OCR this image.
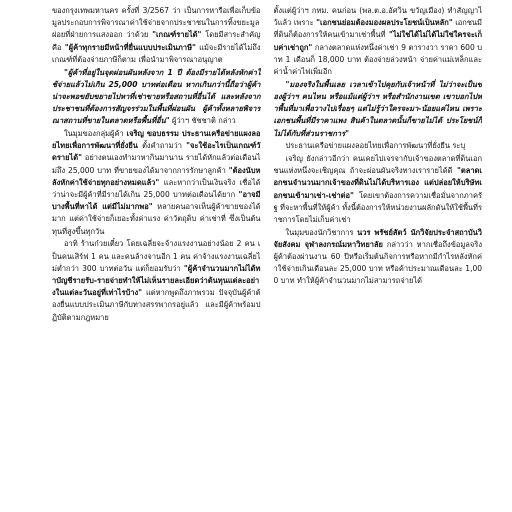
ของกรุงเทพมหานคร ครั้งที่ 3/2567 ว่า เป็นการหารือเพื่อเก็บข้อมูลประกอบการพิจารณาค่าใช้จ่ายจากประชาชนในการทิ้งขยะมูลฝอยที่ฝ่ายการแสงออก ว่าด้วย "เกณฑ์รายได้" โดยมีสาระสำคัญคือ "ผู้ค้าทุกรายมีหน้าที่ยื่นแบบประเมินภาษี" แม้จะมีรายได้ไม่ถึงเกณฑ์ที่ต้องจ่ายภาษีก็ตาม เพื่อนำมาพิจารณาอนุญาต

"ผู้ค้าที่อยู่ในจุดผ่อนผันหลังจาก 1 ปี ต้องมีรายได้หลังหักค่าใช้จ่ายแล้วไม่เกิน 25,000 บาทต่อเดือน หากเกินกว่านี้ถือว่าผู้ค้าน่าจะพอขยับขยายไปหาที่เช่าขายหรือสถานที่อื่นได้ และหลังจากประชาชนที่ต้องการสัญจรร่วมในพื้นที่ผ่อนผัน ผู้ค้าทั้งหลายพิจารณาสถานที่ขายในตลาดหรือพื้นที่อื่น" ผู้ว่าฯ ชัชชาติ กล่าว

ในมุมของกลุ่มผู้ค้า เจริญ ขอบธรรม ประธานเครือข่ายแผงลอยไทยเพื่อการพัฒนาที่ยั่งยืน ตั้งคำถามว่า "จะใช้อะไรเป็นเกณฑ์วัดรายได้" อย่างตนเองทำมาหากินมานาน รายได้หักแล้วต่อเดือนไม่ถึง 25,000 บาท ที่ขายของได้มาจากการรักษาลูกค้า "ต้องนับหลังหักค่าใช้จ่ายทุกอย่างหมดแล้ว" และหากว่าเป็นเงินจริง เชื่อได้ว่าน่าจะมีผู้ค้าที่มีรายได้เกิน 25,000 บาทต่อเดือนได้ยาก "อาจมีบางพื้นที่หาได้ แต่มีไม่มากพอ" หลายคนอาจเห็นผู้ค้าขายของได้มาก แต่ค่าใช้จ่ายก็เยอะทั้งค่าแรง ค่าวัตถุดิบ ค่าเช่าที่ ซึ่งเป็นต้นทุนที่สูงขึ้นทุกวัน

อาทิ ร้านก๋วยเตี๋ยว โดยเฉลี่ยจะจ้างแรงงานอย่างน้อย 2 คน เป็นคนเสิร์ฟ 1 คน และคนล้างจานอีก 1 คน ค่าจ้างแรงงานเฉลี่ยไม่ต่ำกว่า 300 บาทต่อวัน แต่ก็ยอมรับว่า "ผู้ค้าจำนวนมากไม่ได้ทำบัญชีรายรับ-รายจ่ายทำให้ไม่เห็นรายละเอียดว่าต้นทุนแต่ละอย่างในแต่ละวันอยู่ที่เท่าไรบ้าง" แต่หากพูดถึงภาพรวม ปัจจุบันผู้ค้าต้องยื่นแบบประเมินภาษีกับทางสรรพากรอยู่แล้ว และมีผู้ค้าพร้อมปฏิบัติตามกฎหมาย

ตั้งแต่ผู้ว่าฯ กทม. คนก่อน (พล.ต.อ.อัศวิน ขวัญเมือง) ทำสัญญาไว้แล้ว เพราะ "เอกชนย่อมต้องมองผลประโยชน์เป็นหลัก" เอกชนมีที่ดินก็ต้องการให้คนเข้ามาเช่าพื้นที่ "ไม่ใช่ได้ไม่ได้ไม่ใช่ใครจะเก็บค่าเช่าถูก" กลางตลาดแห่งหนึ่งค่าเช่า 9 ตารางวา ราคา 600 บาท 1 เดือนก็ 18,000 บาท ต้องจ่ายล่วงหน้า จ่ายค่าแม่เหล็กและค่าน้ำค่าไฟเพิ่มอีก

"มองจริงในพื้นเลย เวลาเข้าไปคุยกับเจ้าหน้าที่ ไม่ว่าจะเป็นของผู้ว่าฯ คนไหน หรือแม้แต่ผู้ว่าฯ หรือสำนักงานเขต เขาบอกไปหาพื้นที่มาเพื่อวางไปเรื่อยๆ แต่ไม่รู้ว่าใครจะมา-น้อยแค่ไหน เพราะเอกชนพื้นที่มีราคาแพง สินค้าในตลาดนั้นก็ขายไม่ได้ ประโยชน์ก็ไม่ได้กับที่ส่วนราชการ"

ประธานเครือข่ายแผงลอยไทยเพื่อการพัฒนาที่ยั่งยืน ระบุ

เจริญ ยังกล่าวอีกว่า คนเคยไปเจรจากับเจ้าของตลาดที่ดินเอกชนแห่งหนึ่งจะเชิญคุณ ถ้าจะผ่อนผันจริงทางเรารายได้ดี "ตลาดเอกชนจำนวนมากเจ้าของที่ดินไม่ได้บริหารเอง แต่ปล่อยให้บริษัทเอกชนเข้ามาเช่า-เช่าต่อ" โดยเขาต้องการความเชื่อมั่นจากภาครัฐ ที่จะหาพื้นที่ให้ผู้ค้า ทั้งนี้ต้องการให้หน่วยงานผลักดันให้ใช้พื้นที่ราชการโดยไม่เก็บค่าเช่า

ในมุมของนักวิชาการ นวร พรัชย์สัตว์ นักวิจัยประจำสถาบันวิจัยสังคม จุฬาลงกรณ์มหาวิทยาลัย กล่าวว่า หากเชื่อถึงข้อมูลจริง ผู้ค้าต้องผ่านงาน 60 ปีหรือเริ่มต้นกิจการหรือหากมีกำไรหลังหักค่าใช้จ่ายเกินเดือนละ 25,000 บาท หรือค้าประมาณเดือนละ 1,000 บาท ทำให้ผู้ค้าจำนวนมากไม่สามารถจ่ายได้
